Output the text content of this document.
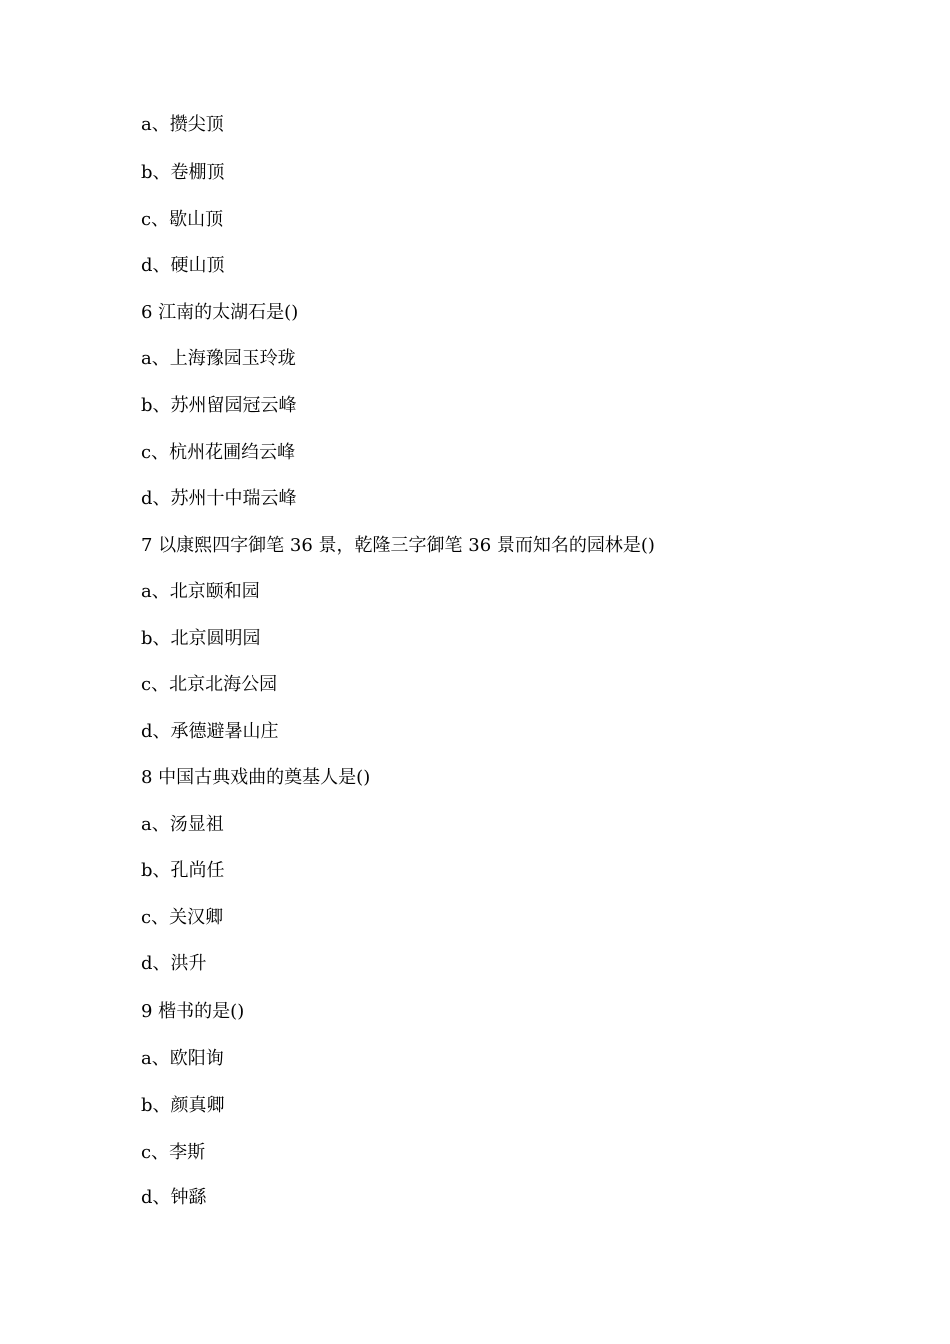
a、攒尖顶
b、卷棚顶
c、歇山顶
d、硬山顶
6 江南的太湖石是()
a、上海豫园玉玲珑
b、苏州留园冠云峰
c、杭州花圃绉云峰
d、苏州十中瑞云峰
7 以康熙四字御笔 36 景，乾隆三字御笔 36 景而知名的园林是()
a、北京颐和园
b、北京圆明园
c、北京北海公园
d、承德避暑山庄
8 中国古典戏曲的奠基人是()
a、汤显祖
b、孔尚任
c、关汉卿
d、洪升
9 楷书的是()
a、欧阳询
b、颜真卿
c、李斯
d、钟繇
